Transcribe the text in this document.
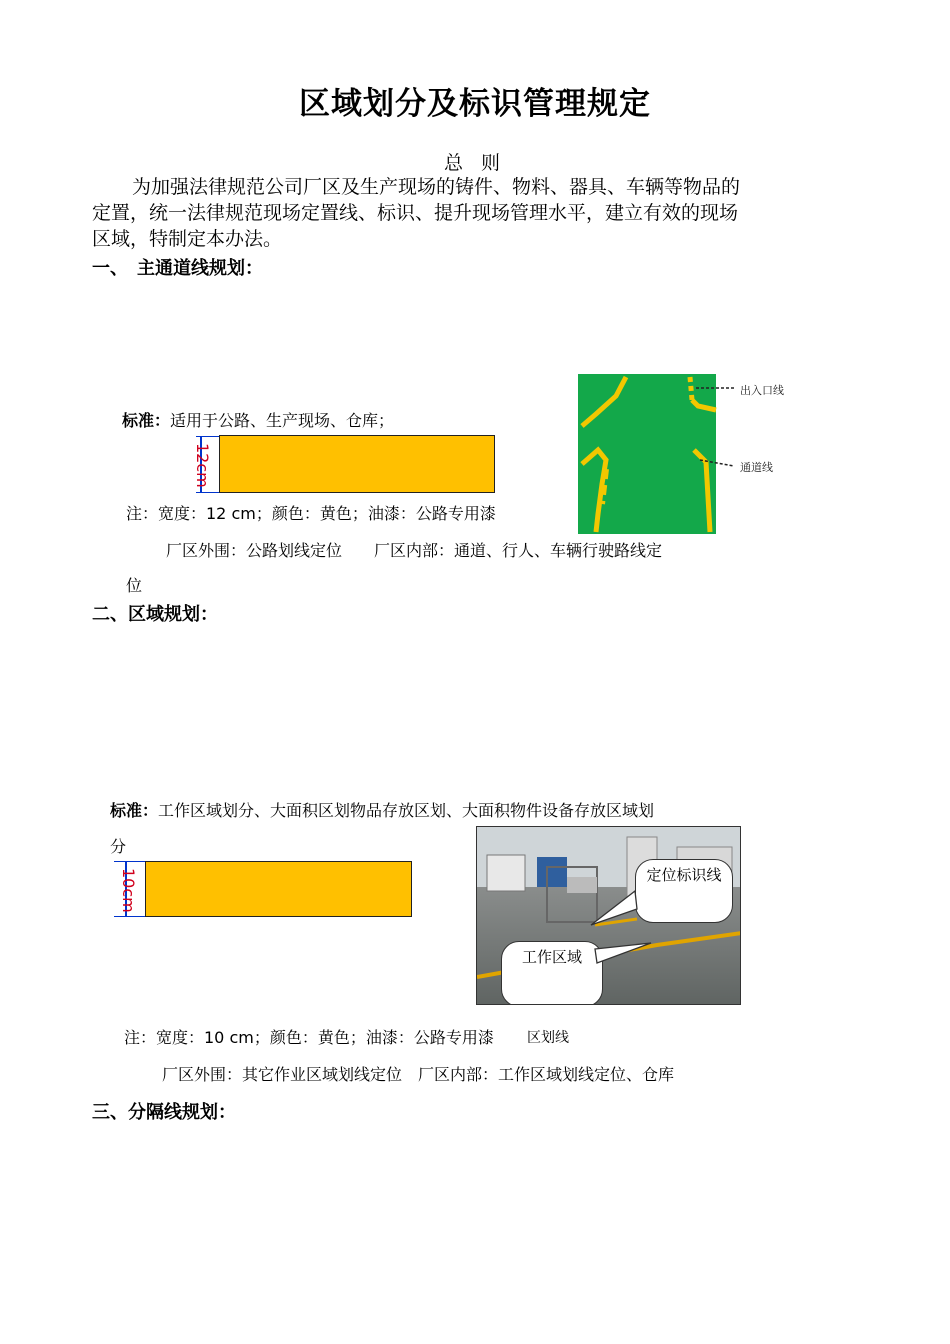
区域划分及标识管理规定
总 则
为加强法律规范公司厂区及生产现场的铸件、物料、器具、车辆等物品的
定置，统一法律规范现场定置线、标识、提升现场管理水平，建立有效的现场
区域，特制定本办法。
一、　主通道线规划：
标准：适用于公路、生产现场、仓库；
12cm
注：宽度：12 cm；颜色：黄色；油漆：公路专用漆
厂区外围：公路划线定位　　厂区内部：通道、行人、车辆行驶路线定
位
出入口线
通道线
二、区域规划：
标准：工作区域划分、大面积区划物品存放区划、大面积物件设备存放区域划
分
10cm	定位标识线
工作区域
注：宽度：10 cm；颜色：黄色；油漆：公路专用漆 区划线
厂区外围：其它作业区域划线定位　厂区内部：工作区域划线定位、仓库
三、分隔线规划：
